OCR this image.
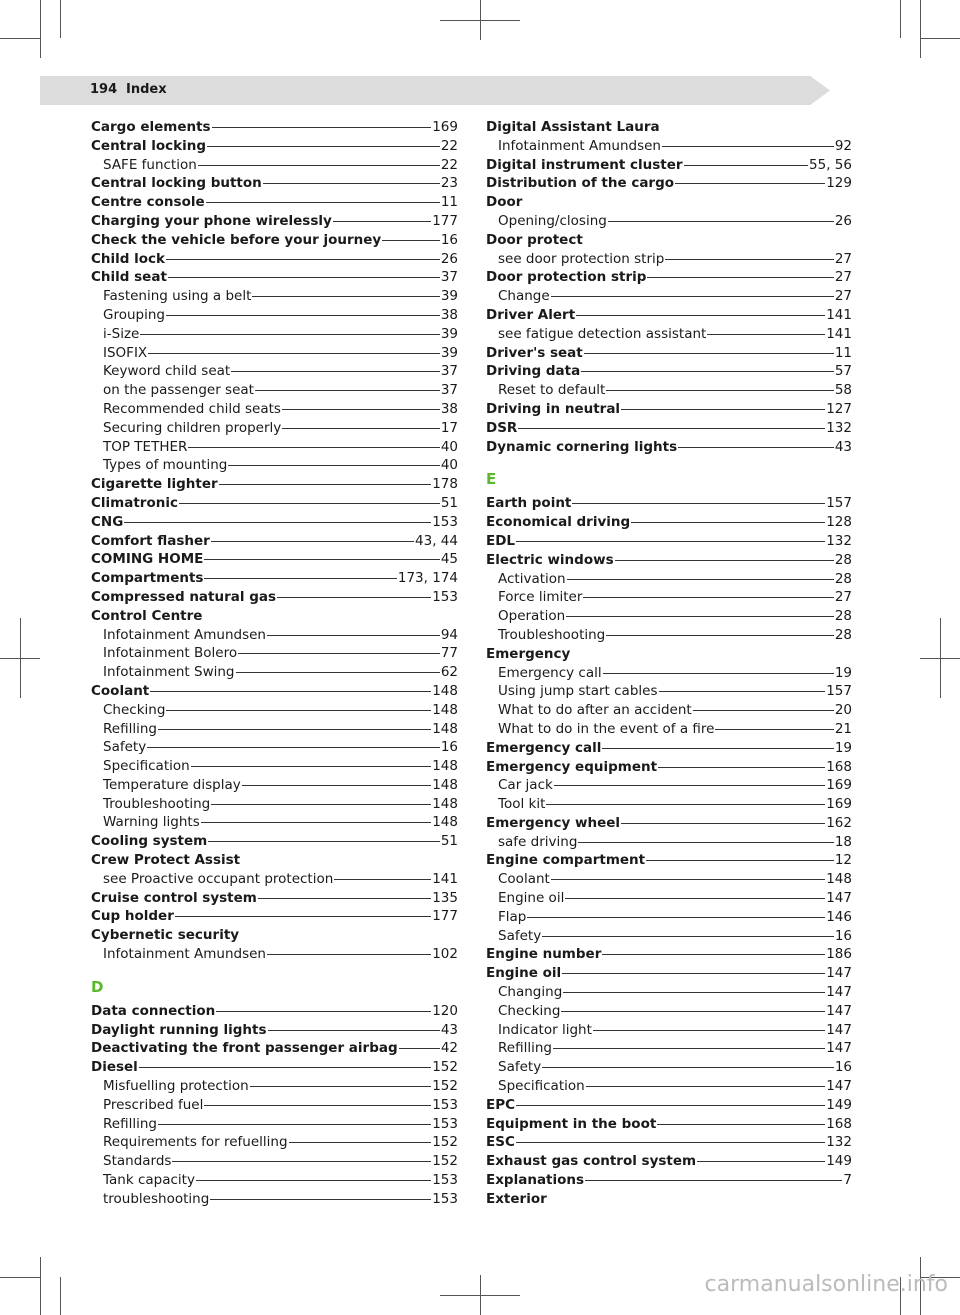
194 Index
Cargo elements	169
Central locking	22
SAFE function	22
Central locking button	23
Centre console	11
Charging your phone wirelessly	177
Check the vehicle before your journey	16
Child lock	26
Child seat	37
Fastening using a belt	39
Grouping	38
i-Size	39
ISOFIX	39
Keyword child seat	37
on the passenger seat	37
Recommended child seats	38
Securing children properly	17
TOP TETHER	40
Types of mounting	40
Cigarette lighter	178
Climatronic	51
CNG	153
Comfort flasher	43, 44
COMING HOME	45
Compartments	173, 174
Compressed natural gas	153
Control Centre
Infotainment Amundsen	94
Infotainment Bolero	77
Infotainment Swing	62
Coolant	148
Checking	148
Refilling	148
Safety	16
Specification	148
Temperature display	148
Troubleshooting	148
Warning lights	148
Cooling system	51
Crew Protect Assist
see Proactive occupant protection	141
Cruise control system	135
Cup holder	177
Cybernetic security
Infotainment Amundsen	102
D
Data connection	120
Daylight running lights	43
Deactivating the front passenger airbag	42
Diesel	152
Misfuelling protection	152
Prescribed fuel	153
Refilling	153
Requirements for refuelling	152
Standards	152
Tank capacity	153
troubleshooting	153
Digital Assistant Laura
Infotainment Amundsen	92
Digital instrument cluster	55, 56
Distribution of the cargo	129
Door
Opening/closing	26
Door protect
see door protection strip	27
Door protection strip	27
Change	27
Driver Alert	141
see fatigue detection assistant	141
Driver's seat	11
Driving data	57
Reset to default	58
Driving in neutral	127
DSR	132
Dynamic cornering lights	43
E
Earth point	157
Economical driving	128
EDL	132
Electric windows	28
Activation	28
Force limiter	27
Operation	28
Troubleshooting	28
Emergency
Emergency call	19
Using jump start cables	157
What to do after an accident	20
What to do in the event of a fire	21
Emergency call	19
Emergency equipment	168
Car jack	169
Tool kit	169
Emergency wheel	162
safe driving	18
Engine compartment	12
Coolant	148
Engine oil	147
Flap	146
Safety	16
Engine number	186
Engine oil	147
Changing	147
Checking	147
Indicator light	147
Refilling	147
Safety	16
Specification	147
EPC	149
Equipment in the boot	168
ESC	132
Exhaust gas control system	149
Explanations	7
Exterior
carmanualsonline.info
